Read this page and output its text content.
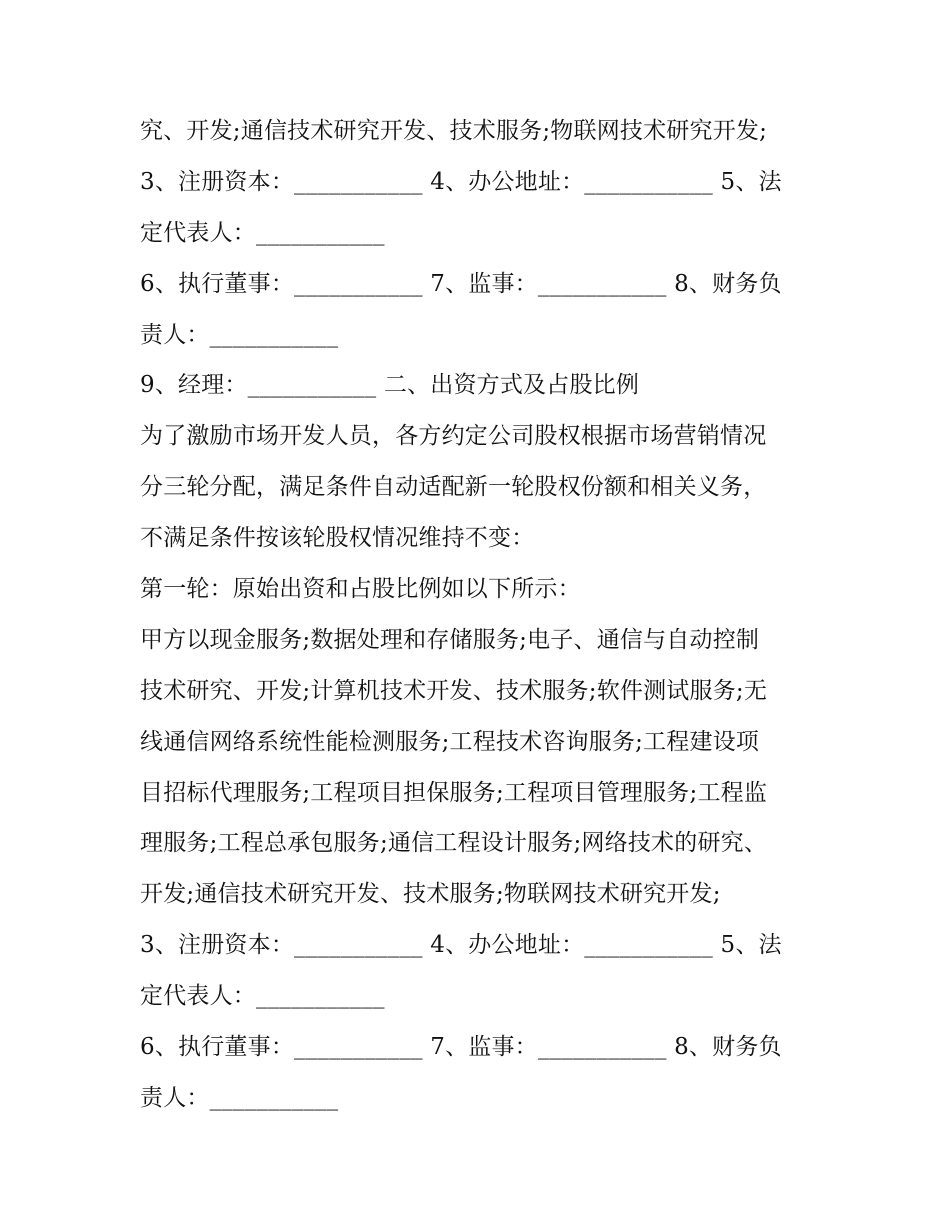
究、开发;通信技术研究开发、技术服务;物联网技术研究开发;
3、注册资本：___________ 4、办公地址：___________ 5、法
定代表人：___________
6、执行董事：___________ 7、监事：___________ 8、财务负
责人：___________
9、经理：___________ 二、出资方式及占股比例
为了激励市场开发人员，各方约定公司股权根据市场营销情况
分三轮分配，满足条件自动适配新一轮股权份额和相关义务，
不满足条件按该轮股权情况维持不变：
第一轮：原始出资和占股比例如以下所示：
甲方以现金服务;数据处理和存储服务;电子、通信与自动控制
技术研究、开发;计算机技术开发、技术服务;软件测试服务;无
线通信网络系统性能检测服务;工程技术咨询服务;工程建设项
目招标代理服务;工程项目担保服务;工程项目管理服务;工程监
理服务;工程总承包服务;通信工程设计服务;网络技术的研究、
开发;通信技术研究开发、技术服务;物联网技术研究开发;
3、注册资本：___________ 4、办公地址：___________ 5、法
定代表人：___________
6、执行董事：___________ 7、监事：___________ 8、财务负
责人：___________
